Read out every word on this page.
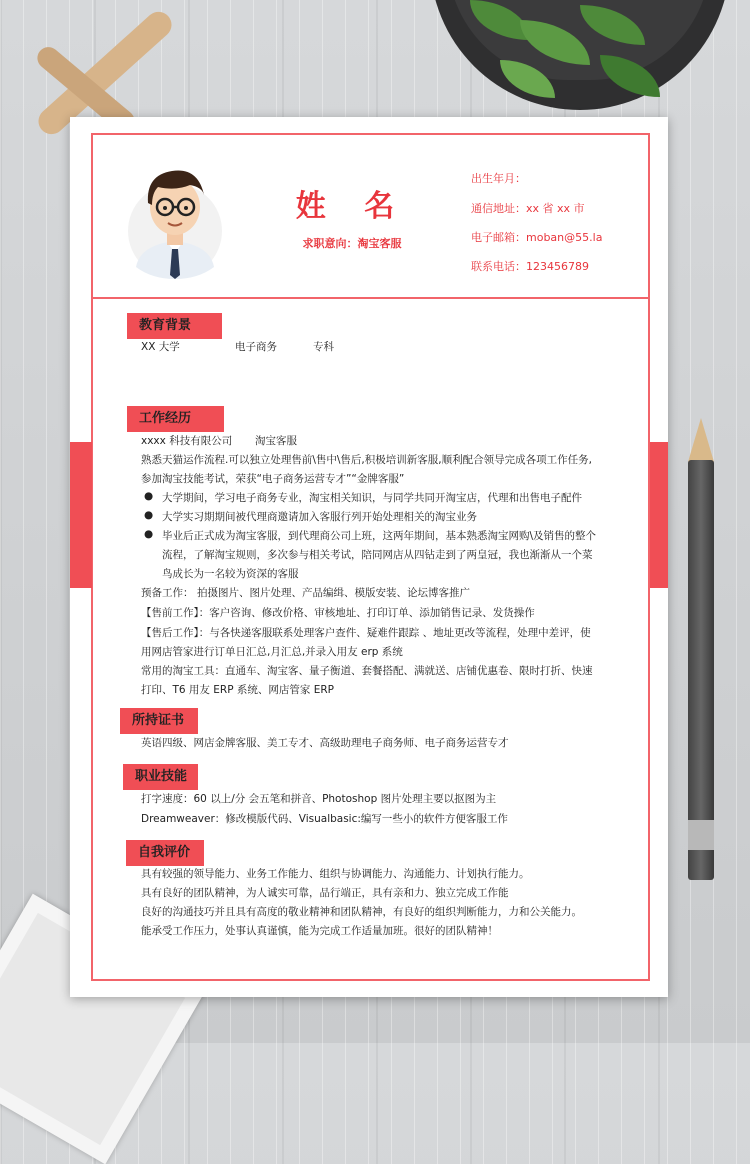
姓 名
求职意向：淘宝客服
出生年月：
通信地址：xx 省 xx 市
电子邮箱：moban@55.la
联系电话：123456789
教育背景
XX 大学	电子商务	专科
工作经历
xxxx 科技有限公司 淘宝客服
熟悉天猫运作流程.可以独立处理售前\售中\售后,积极培训新客服,顺利配合领导完成各项工作任务,
参加淘宝技能考试，荣获“电子商务运营专才”“金牌客服”
● 大学期间，学习电子商务专业，淘宝相关知识，与同学共同开淘宝店，代理和出售电子配件
● 大学实习期期间被代理商邀请加入客服行列开始处理相关的淘宝业务
● 毕业后正式成为淘宝客服，到代理商公司上班，这两年期间，基本熟悉淘宝网购\及销售的整个
流程，了解淘宝规则，多次参与相关考试，陪同网店从四钻走到了两皇冠，我也渐渐从一个菜
鸟成长为一名较为资深的客服
预备工作： 拍摄图片、图片处理、产品编缉、模版安装、论坛博客推广
【售前工作】：客户咨询、修改价格、审核地址、打印订单、添加销售记录、发货操作
【售后工作】：与各快递客服联系处理客户查件、疑难件跟踪 、地址更改等流程，处理中差评，使
用网店管家进行订单日汇总,月汇总,并录入用友 erp 系统
常用的淘宝工具：直通车、淘宝客、量子衡道、套餐搭配、满就送、店铺优惠卷、限时打折、快速
打印、T6 用友 ERP 系统、网店管家 ERP
所持证书
英语四级、网店金牌客服、美工专才、高级助理电子商务师、电子商务运营专才
职业技能
打字速度：60 以上/分 会五笔和拼音、Photoshop 图片处理主要以抠图为主
Dreamweaver：修改模版代码、Visualbasic:编写一些小的软件方便客服工作
自我评价
具有较强的领导能力、业务工作能力、组织与协调能力、沟通能力、计划执行能力。
具有良好的团队精神，为人诚实可靠，品行端正，具有亲和力、独立完成工作能
良好的沟通技巧并且具有高度的敬业精神和团队精神，有良好的组织判断能力，力和公关能力。
能承受工作压力，处事认真谨慎，能为完成工作适量加班。很好的团队精神！
